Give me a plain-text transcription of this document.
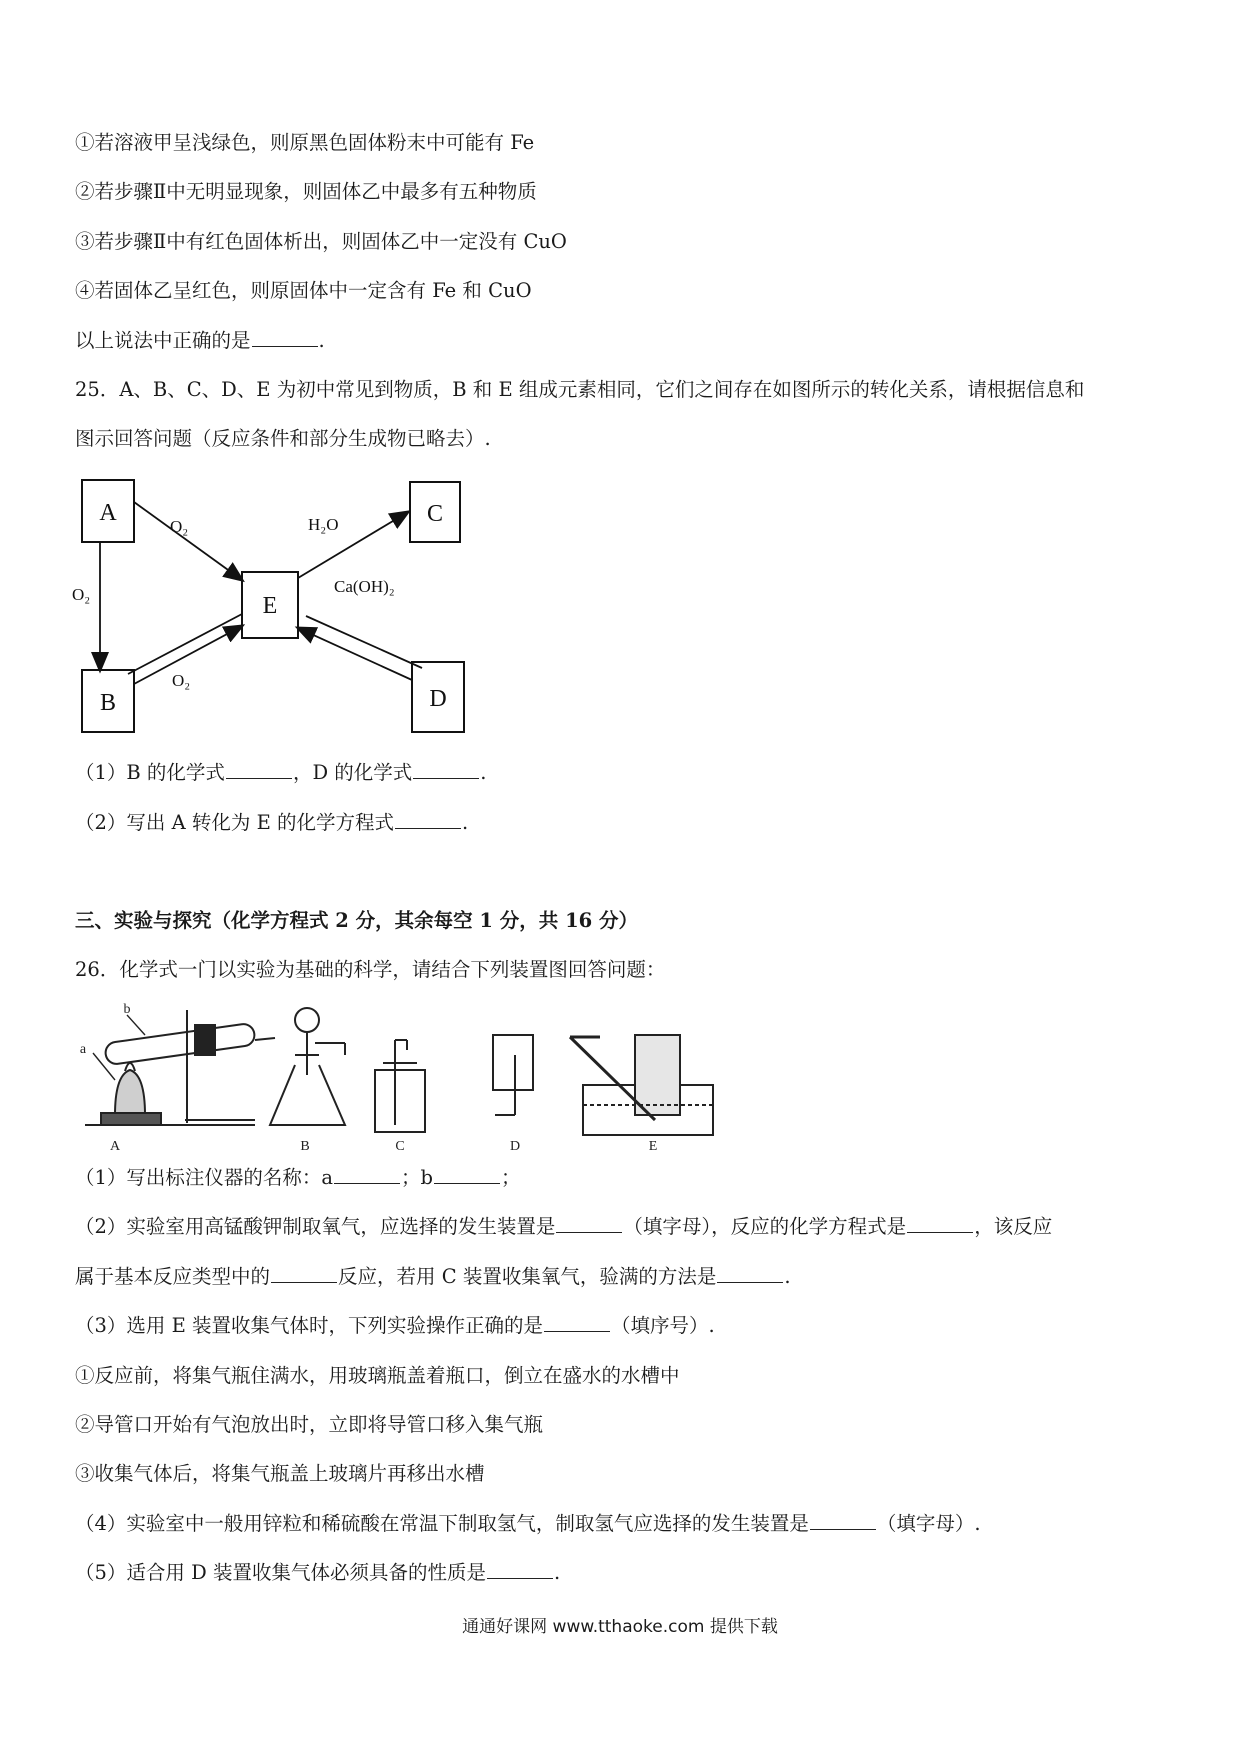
①若溶液甲呈浅绿色，则原黑色固体粉末中可能有 Fe
②若步骤Ⅱ中无明显现象，则固体乙中最多有五种物质
③若步骤Ⅱ中有红色固体析出，则固体乙中一定没有 CuO
④若固体乙呈红色，则原固体中一定含有 Fe 和 CuO
以上说法中正确的是	.
25．A、B、C、D、E 为初中常见到物质，B 和 E 组成元素相同，它们之间存在如图所示的转化关系，请根据信息和
图示回答问题（反应条件和部分生成物已略去）.
A
B
E
C
D
O₂
O₂
O₂
H₂O
Ca(OH)₂
（1）B 的化学式	，D 的化学式	.
（2）写出 A 转化为 E 的化学方程式	.
三、实验与探究（化学方程式 2 分，其余每空 1 分，共 16 分）
26．化学式一门以实验为基础的科学，请结合下列装置图回答问题：
A	B	C	D	E
a
b
（1）写出标注仪器的名称：a	；b	；
（2）实验室用高锰酸钾制取氧气，应选择的发生装置是	（填字母），反应的化学方程式是	，该反应
属于基本反应类型中的	反应，若用 C 装置收集氧气，验满的方法是	.
（3）选用 E 装置收集气体时，下列实验操作正确的是	（填序号）.
①反应前，将集气瓶住满水，用玻璃瓶盖着瓶口，倒立在盛水的水槽中
②导管口开始有气泡放出时，立即将导管口移入集气瓶
③收集气体后，将集气瓶盖上玻璃片再移出水槽
（4）实验室中一般用锌粒和稀硫酸在常温下制取氢气，制取氢气应选择的发生装置是	（填字母）.
（5）适合用 D 装置收集气体必须具备的性质是	.
通通好课网 www.tthaoke.com 提供下载
